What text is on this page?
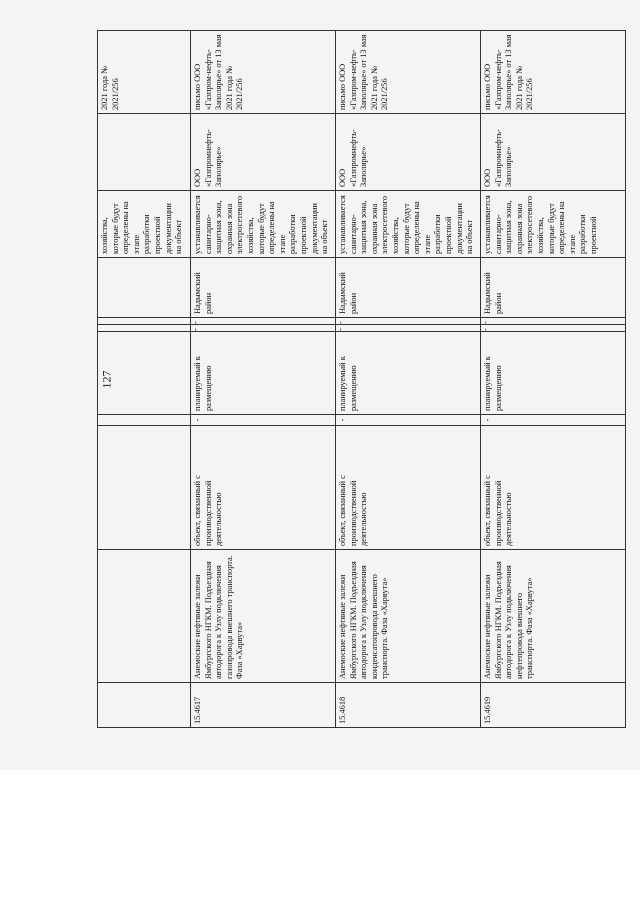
127
								хозяйства, которые будут определены на этапе разработки проектной документации на объект		2021 года № 2021/256
15.4617	Анемоские нефтяные залежи Ямбургского НГКМ. Подъездная автодорога к Узлу подключения газопровода внешнего транспорта. Фаза «Харвута»	объект, связанный с производственной деятельностью	-	планируемый к размещению	-	-	Надымский район	устанавливается санитарно-защитная зона, охранная зона электросетевого хозяйства, которые будут определены на этапе разработки проектной документации на объект	ООО «Газпромнефть-Заполярье»	письмо ООО «Газпром-нефть-Заполярье» от 13 мая 2021 года № 2021/256
15.4618	Анемоские нефтяные залежи Ямбургского НГКМ. Подъездная автодорога к Узлу подключения конденсатопровода внешнего транспорта. Фаза «Харвута»	объект, связанный с производственной деятельностью	-	планируемый к размещению	-	-	Надымский район	устанавливается санитарно-защитная зона, охранная зона электросетевого хозяйства, которые будут определены на этапе разработки проектной документации на объект	ООО «Газпромнефть-Заполярье»	письмо ООО «Газпром-нефть-Заполярье» от 13 мая 2021 года № 2021/256
15.4619	Анемоские нефтяные залежи Ямбургского НГКМ. Подъездная автодорога к Узлу подключения нефтепровода внешнего транспорта. Фаза «Харвута»	объект, связанный с производственной деятельностью	-	планируемый к размещению	-	-	Надымский район	устанавливается санитарно-защитная зона, охранная зона электросетевого хозяйства, которые будут определены на этапе разработки проектной	ООО «Газпромнефть-Заполярье»	письмо ООО «Газпром-нефть-Заполярье» от 13 мая 2021 года № 2021/256
